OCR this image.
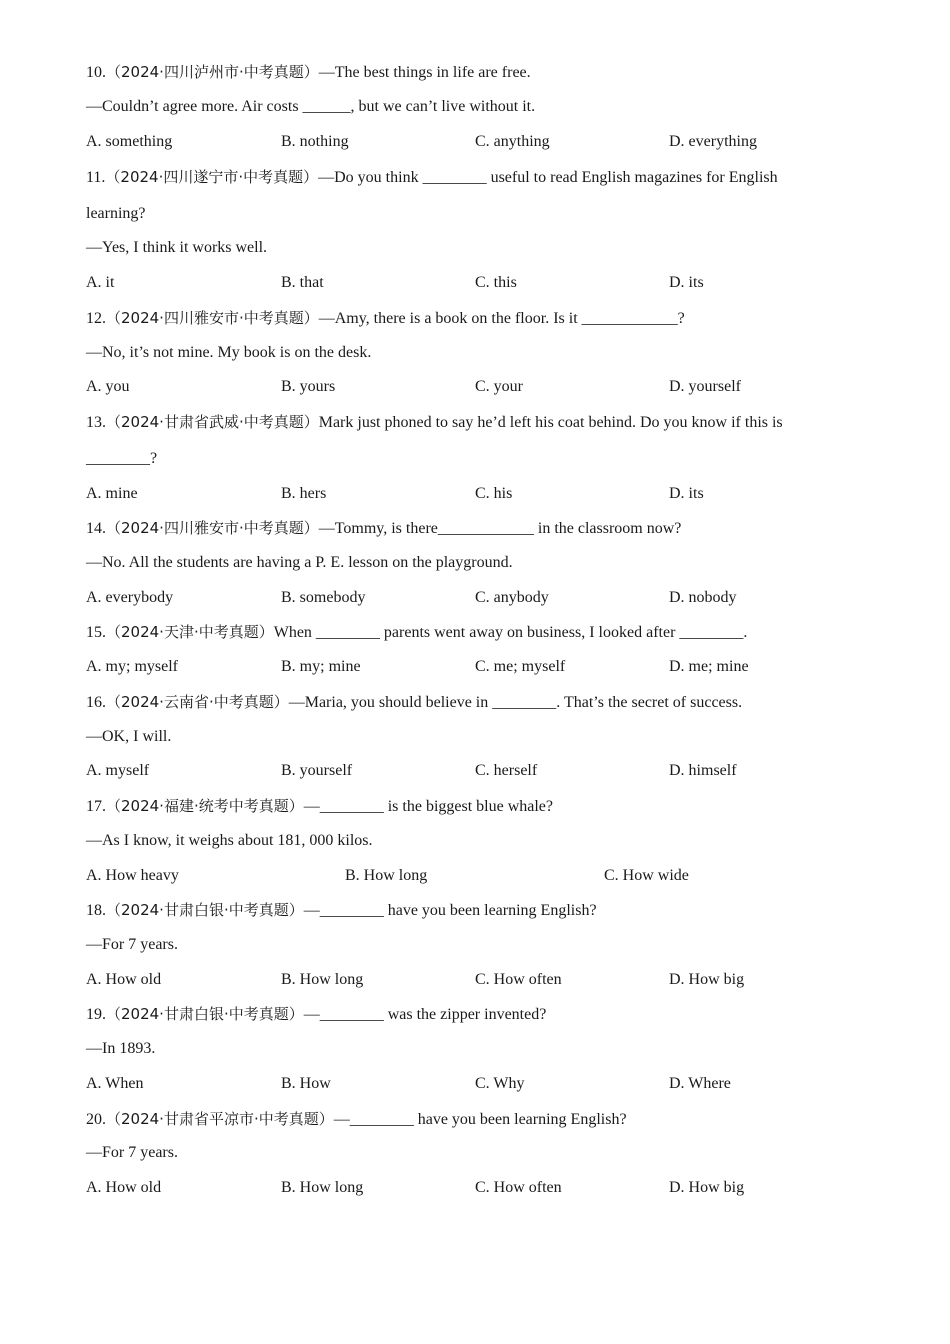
10.（2024·四川泸州市·中考真题）—The best things in life are free.
—Couldn’t agree more. Air costs ______, but we can’t live without it.
A. something	B. nothing	C. anything	D. everything
11.（2024·四川遂宁市·中考真题）—Do you think ________ useful to read English magazines for English
learning?
—Yes, I think it works well.
A. it	B. that	C. this	D. its
12.（2024·四川雅安市·中考真题）—Amy, there is a book on the floor. Is it ____________?
—No, it’s not mine. My book is on the desk.
A. you	B. yours	C. your	D. yourself
13.（2024·甘肃省武威·中考真题）Mark just phoned to say he’d left his coat behind. Do you know if this is
________?
A. mine	B. hers	C. his	D. its
14.（2024·四川雅安市·中考真题）—Tommy, is there____________ in the classroom now?
—No. All the students are having a P. E. lesson on the playground.
A. everybody	B. somebody	C. anybody	D. nobody
15.（2024·天津·中考真题）When ________ parents went away on business, I looked after ________.
A. my; myself	B. my; mine	C. me; myself	D. me; mine
16.（2024·云南省·中考真题）—Maria, you should believe in ________. That’s the secret of success.
—OK, I will.
A. myself	B. yourself	C. herself	D. himself
17.（2024·福建·统考中考真题）—________ is the biggest blue whale?
—As I know, it weighs about 181, 000 kilos.
A. How heavy	B. How long	C. How wide
18.（2024·甘肃白银·中考真题）—________ have you been learning English?
—For 7 years.
A. How old	B. How long	C. How often	D. How big
19.（2024·甘肃白银·中考真题）—________ was the zipper invented?
—In 1893.
A. When	B. How	C. Why	D. Where
20.（2024·甘肃省平凉市·中考真题）—________ have you been learning English?
—For 7 years.
A. How old	B. How long	C. How often	D. How big
